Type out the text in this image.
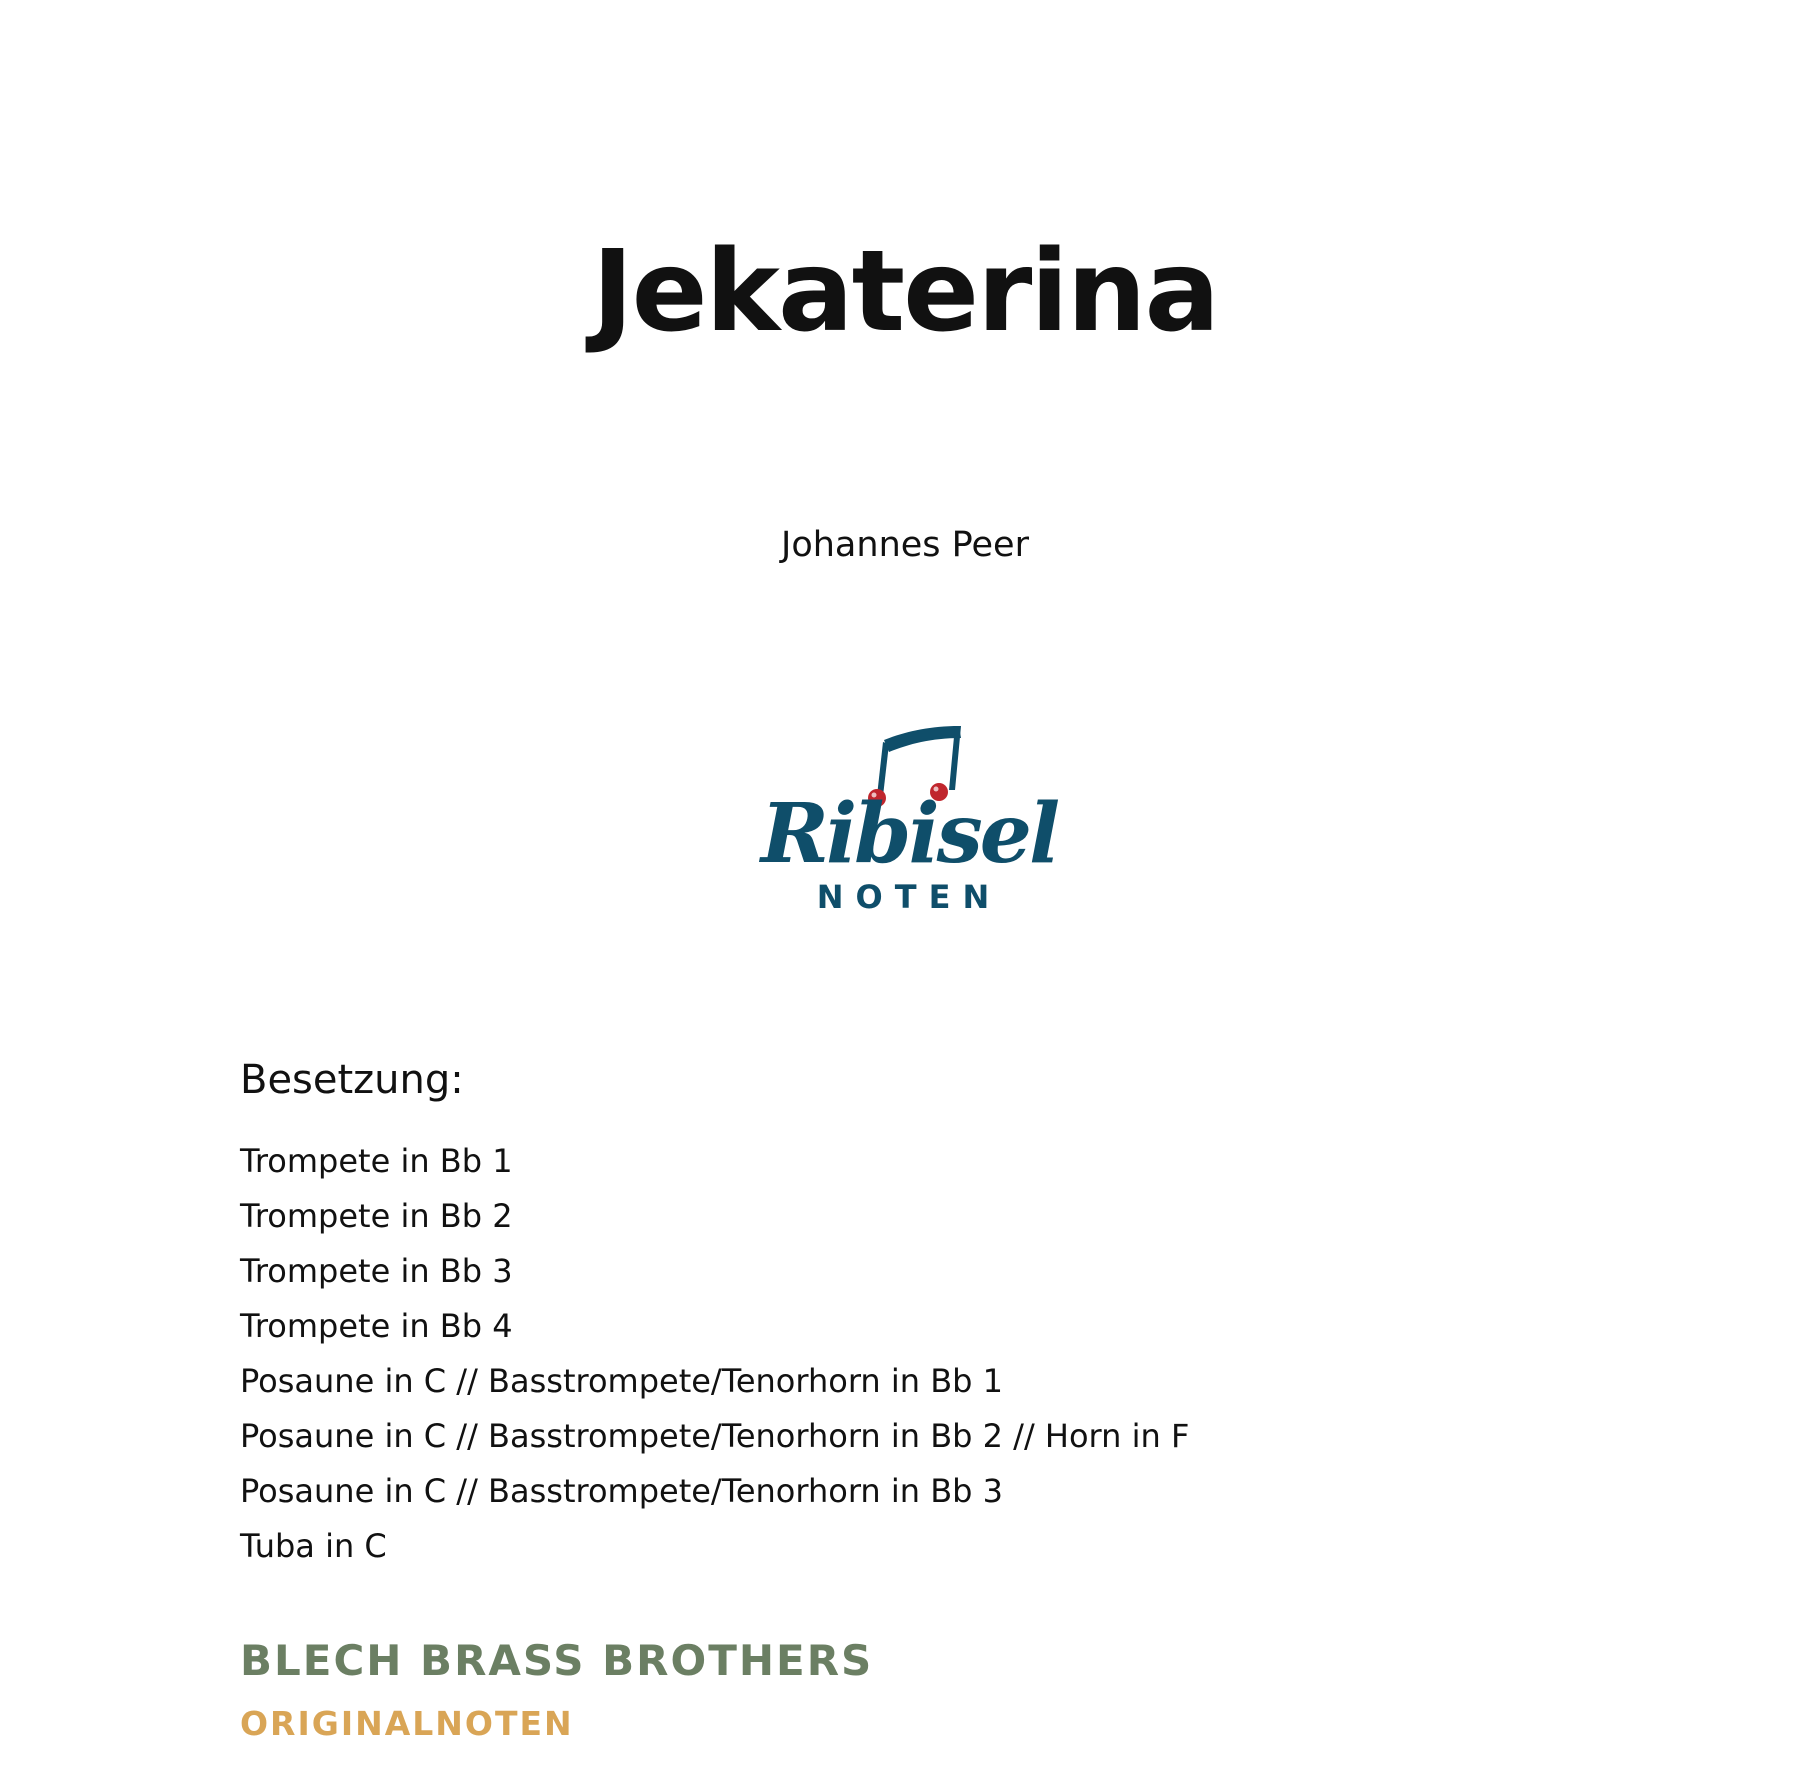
Jekaterina
Johannes Peer
Ribisel
NOTEN
Besetzung:
Trompete in Bb 1
Trompete in Bb 2
Trompete in Bb 3
Trompete in Bb 4
Posaune in C // Basstrompete/Tenorhorn in Bb 1
Posaune in C // Basstrompete/Tenorhorn in Bb 2 // Horn in F
Posaune in C // Basstrompete/Tenorhorn in Bb 3
Tuba in C
BLECH BRASS BROTHERS
ORIGINALNOTEN
